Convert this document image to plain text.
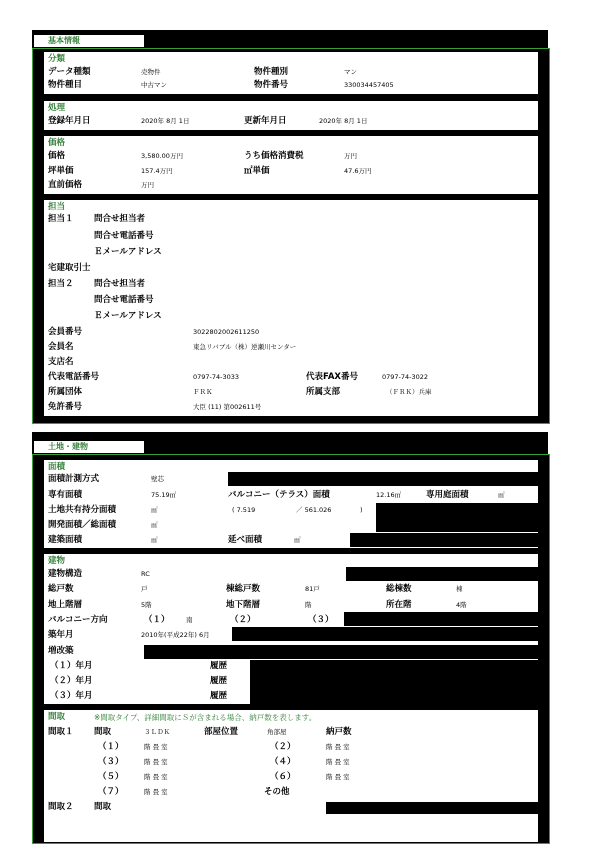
基本情報
分類
データ種類	売物件	物件種別	マン
物件種目	中古マン	物件番号	330034457405
処理
登録年月日	2020年 8月 1日	更新年月日	2020年 8月 1日
価格
価格	3,580.00万円	うち価格消費税	万円
坪単価	157.4万円	㎡単価	47.6万円
直前価格	万円
担当
担当１ 問合せ担当者
問合せ電話番号
Ｅメールアドレス
宅建取引士
担当２ 問合せ担当者
問合せ電話番号
Ｅメールアドレス
会員番号	3022802002611250
会員名	東急リバブル（株）逆瀬川センター
支店名
代表電話番号	0797-74-3033	代表FAX番号	0797-74-3022
所属団体	ＦＲＫ	所属支部	（ＦＲＫ）兵庫
免許番号	大臣 (11) 第002611号
土地・建物
面積
面積計測方式	壁芯
専有面積	75.19㎡	バルコニー（テラス）面積	12.16㎡	専用庭面積	㎡
土地共有持分面積	㎡	( 7.519	／ 561.026	)
開発面積／総面積	㎡
建築面積	㎡	延べ面積	㎡
建物
建物構造	RC
総戸数	戸	棟総戸数	81戸	総棟数	棟
地上階層	5階	地下階層	階	所在階	4階
バルコニー方向	（１）	南	（２）	（３）
築年月	2010年(平成22年) 6月
増改築
（１）年月	履歴
（２）年月	履歴
（３）年月	履歴
間取	※間取タイプ、詳細間取にＳが含まれる場合、納戸数を表します。
間取１ 間取	３ＬＤＫ	部屋位置	角部屋	納戸数
（１）	階 畳 室	（２）	階 畳 室
（３）	階 畳 室	（４）	階 畳 室
（５）	階 畳 室	（６）	階 畳 室
（７）	階 畳 室	その他
間取２ 間取
